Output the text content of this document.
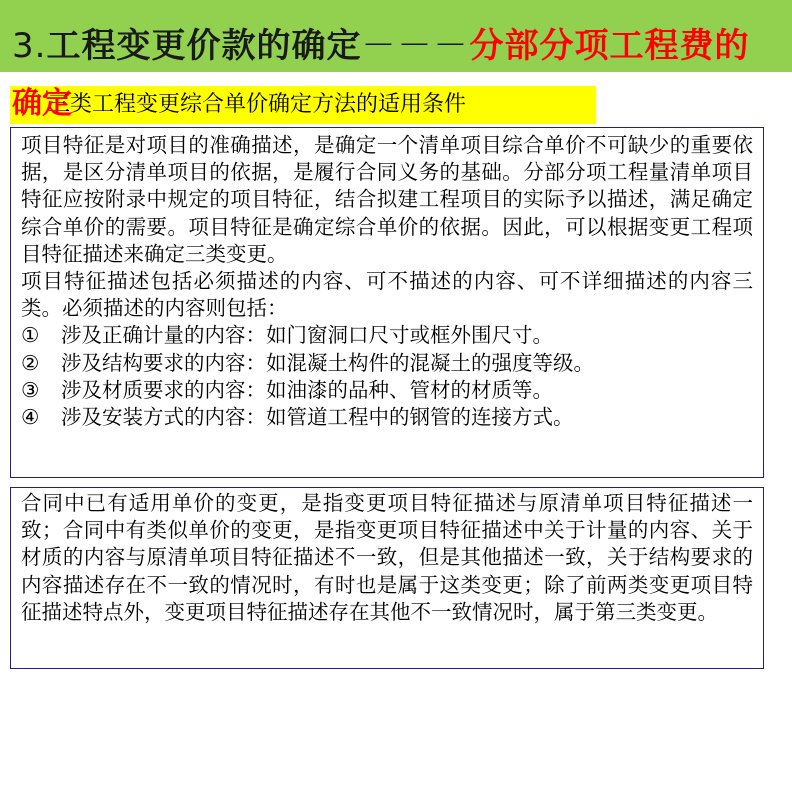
3.工程变更价款的确定－－－分部分项工程费的
三类工程变更综合单价确定方法的适用条件
确定

项目特征是对项目的准确描述，是确定一个清单项目综合单价不可缺少的重要依据，是区分清单项目的依据，是履行合同义务的基础。分部分项工程量清单项目特征应按附录中规定的项目特征，结合拟建工程项目的实际予以描述，满足确定综合单价的需要。项目特征是确定综合单价的依据。因此，可以根据变更工程项目特征描述来确定三类变更。

项目特征描述包括必须描述的内容、可不描述的内容、可不详细描述的内容三类。必须描述的内容则包括：

① 涉及正确计量的内容：如门窗洞口尺寸或框外围尺寸。

② 涉及结构要求的内容：如混凝土构件的混凝土的强度等级。

③ 涉及材质要求的内容：如油漆的品种、管材的材质等。

④ 涉及安装方式的内容：如管道工程中的钢管的连接方式。

合同中已有适用单价的变更，是指变更项目特征描述与原清单项目特征描述一致；合同中有类似单价的变更，是指变更项目特征描述中关于计量的内容、关于材质的内容与原清单项目特征描述不一致，但是其他描述一致，关于结构要求的内容描述存在不一致的情况时，有时也是属于这类变更；除了前两类变更项目特征描述特点外，变更项目特征描述存在其他不一致情况时，属于第三类变更。
